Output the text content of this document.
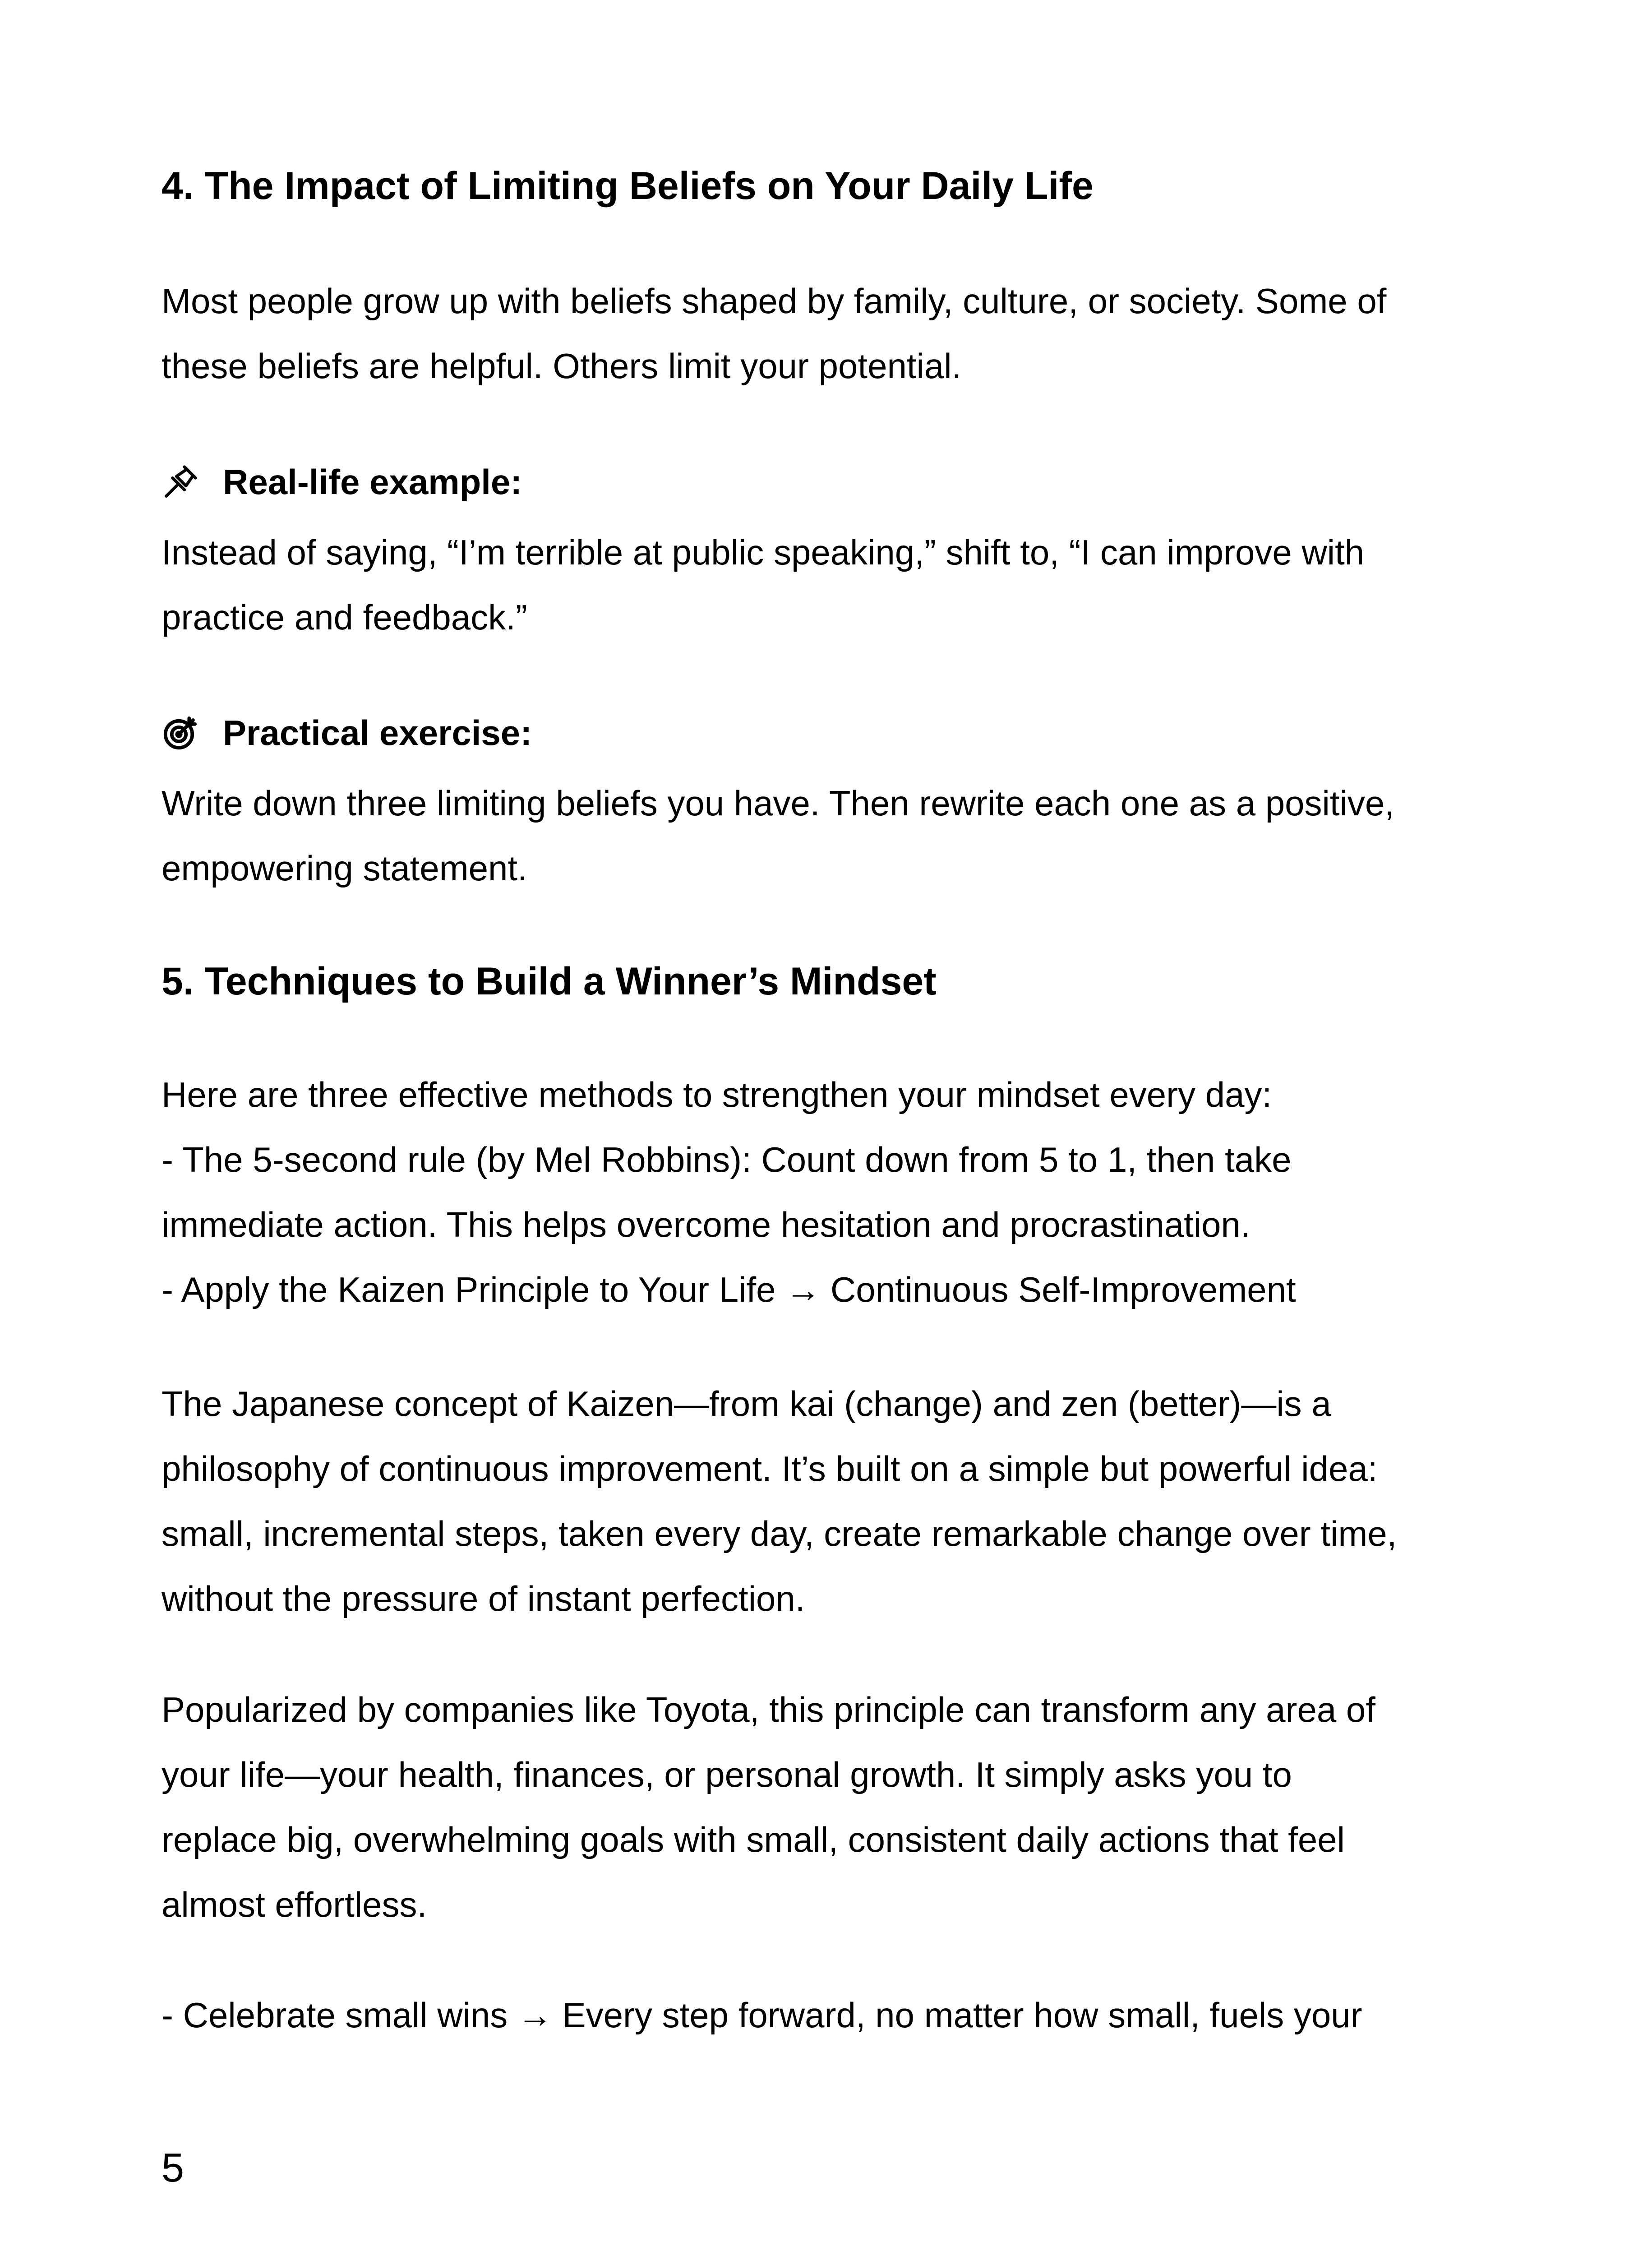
4. The Impact of Limiting Beliefs on Your Daily Life

Most people grow up with beliefs shaped by family, culture, or society. Some of
these beliefs are helpful. Others limit your potential.

Real-life example:

Instead of saying, “I’m terrible at public speaking,” shift to, “I can improve with
practice and feedback.”

Practical exercise:

Write down three limiting beliefs you have. Then rewrite each one as a positive,
empowering statement.

5. Techniques to Build a Winner’s Mindset

Here are three effective methods to strengthen your mindset every day:
- The 5-second rule (by Mel Robbins): Count down from 5 to 1, then take
immediate action. This helps overcome hesitation and procrastination.
- Apply the Kaizen Principle to Your Life → Continuous Self-Improvement

The Japanese concept of Kaizen—from kai (change) and zen (better)—is a
philosophy of continuous improvement. It’s built on a simple but powerful idea:
small, incremental steps, taken every day, create remarkable change over time,
without the pressure of instant perfection.

Popularized by companies like Toyota, this principle can transform any area of
your life—your health, finances, or personal growth. It simply asks you to
replace big, overwhelming goals with small, consistent daily actions that feel
almost effortless.

- Celebrate small wins → Every step forward, no matter how small, fuels your

5
